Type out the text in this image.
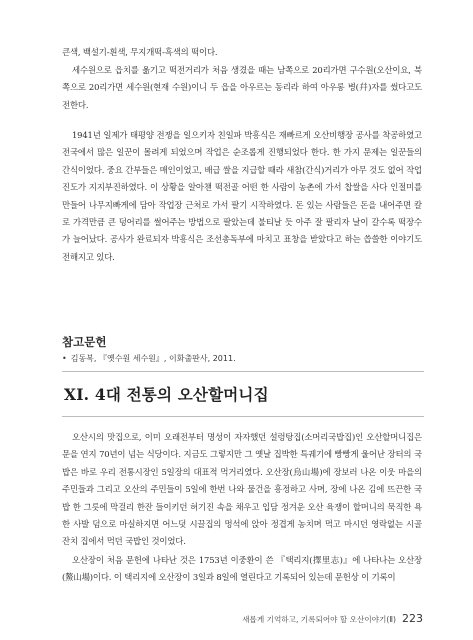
큰색, 백설기-흰색, 무지개떡-흑색의 떡이다.

세수원으로 읍치를 옮기고 떡전거리가 처음 생겼을 때는 남쪽으로 20리가면 구수원(오산이요, 북쪽으로 20리가면 세수원(현재 수원)이니 두 읍을 아우르는 동리라 하여 아우롱 병(幷)자를 썼다고도 전한다.

1941년 일제가 태평양 전쟁을 일으키자 친일파 박흥식은 재빠르게 오산비행장 공사를 착공하였고 전국에서 많은 일꾼이 몰려게 되었으며 작업은 순조롭게 진행되었다 한다. 한 가지 문제는 일꾼들의 간식이었다. 중요 간부들은 매인이었고, 배급 쌀을 지급할 때라 새참(간식)거리가 아무 것도 없어 작업진도가 지지부진하였다. 이 상황을 알아챈 떡전골 어떤 한 사람이 농촌에 가서 찹쌀을 사다 인절미를 만들어 나무지빠게에 담아 작업장 근처로 가서 팔기 시작하였다. 돈 있는 사람들은 돈을 내어주면 칼로 가격만큼 큰 덩어리를 썰어주는 방법으로 팔았는데 불티날 듯 아주 잘 팔리자 날이 갈수록 떡장수가 늘어났다. 공사가 완료되자 박흥식은 조선총독부에 마치고 표창을 받았다고 하는 씁쓸한 이야기도 전해지고 있다.

참고문헌

• 김동복, 『옛수원 세수원』, 이화출판사, 2011.

XI. 4대 전통의 오산할머니집

오산시의 맛집으로, 이미 오래전부터 명성이 자자했던 설렁탕집(소머리국밥집)인 오산할머니집은 문을 연지 70년이 넘는 식당이다. 지금도 그렇지만 그 옛날 집박한 특궤기에 빵빵게 울어난 장터의 국밥은 바로 우리 전통시장인 5일장의 대표적 먹거리였다. 오산장(烏山場)에 장보러 나온 이웃 마을의 주민들과 그리고 오산의 주민들이 5일에 한번 나와 물건을 흥정하고 사며, 장에 나온 김에 뜨끈한 국밥 한 그릇에 막걸리 한잔 들이키던 허기진 속을 채우고 입담 정겨운 오산 육쟁이 할머니의 묵직한 욕 한 사발 덤으로 마실하지면 어느덧 시끌집의 멍석에 앉아 정겹게 농치며 먹고 마시던 영락없는 시골 잔치 집에서 먹던 국밥인 것이었다.

오산장이 처음 문헌에 나타난 것은 1753년 이중환이 쓴 『택리지(擇里志)』에 나타나는 오산장(鰲山場)이다. 이 택리지에 오산장이 3일과 8일에 열린다고 기록되어 있는데 문헌상 이 기록이

새롭게 기억하고, 기록되어야 할 오산이야기(Ⅱ) 223
